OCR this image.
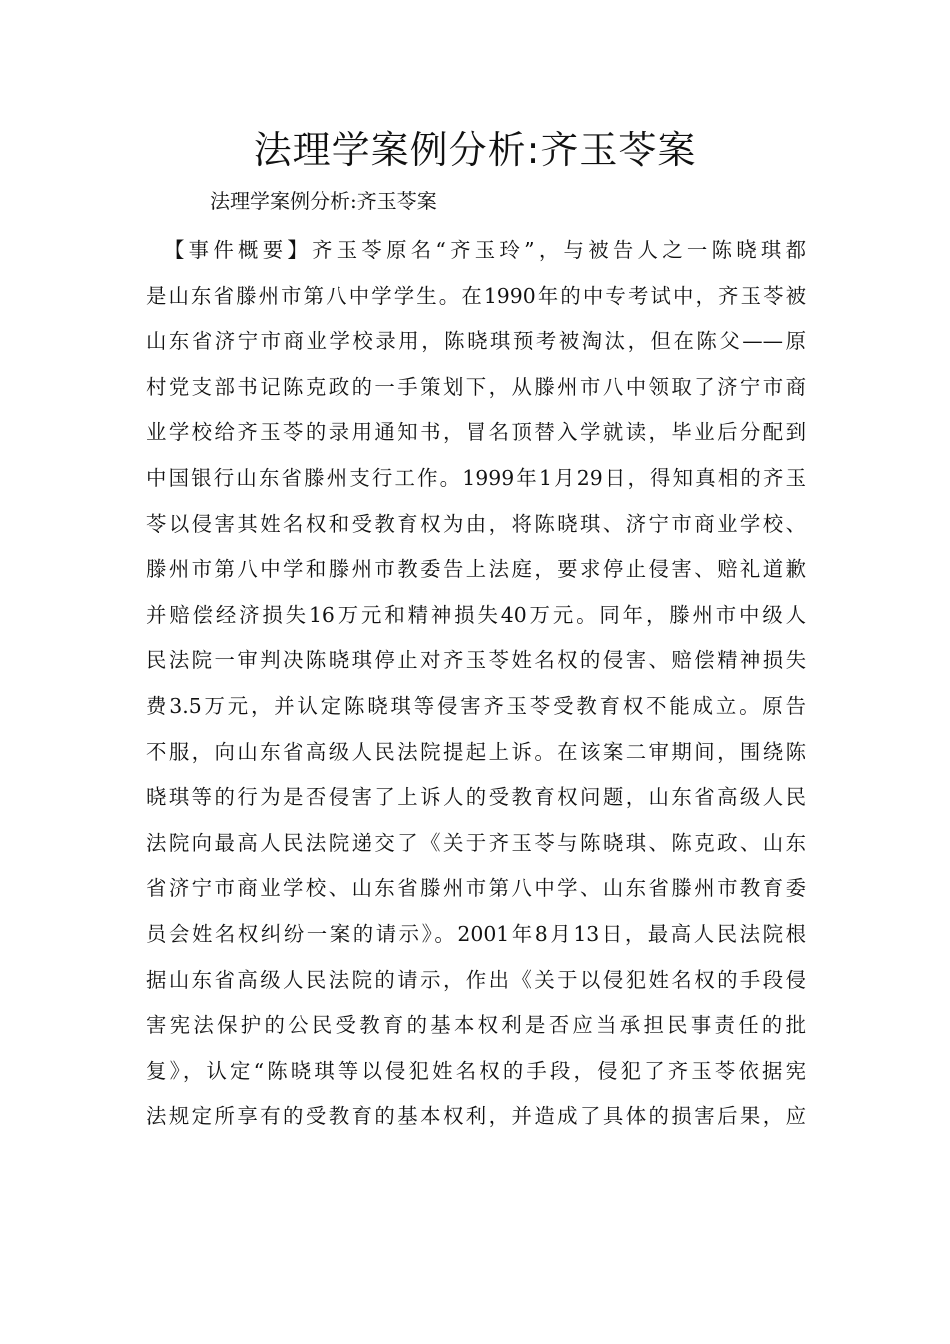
法理学案例分析:齐玉苓案

法理学案例分析:齐玉苓案

【事件概要】齐玉苓原名“齐玉玲”，与被告人之一陈晓琪都
是山东省滕州市第八中学学生。在1990年的中专考试中，齐玉苓被
山东省济宁市商业学校录用，陈晓琪预考被淘汰，但在陈父——原
村党支部书记陈克政的一手策划下，从滕州市八中领取了济宁市商
业学校给齐玉苓的录用通知书，冒名顶替入学就读，毕业后分配到
中国银行山东省滕州支行工作。1999年1月29日，得知真相的齐玉
苓以侵害其姓名权和受教育权为由，将陈晓琪、济宁市商业学校、
滕州市第八中学和滕州市教委告上法庭，要求停止侵害、赔礼道歉
并赔偿经济损失16万元和精神损失40万元。同年，滕州市中级人
民法院一审判决陈晓琪停止对齐玉苓姓名权的侵害、赔偿精神损失
费3.5万元，并认定陈晓琪等侵害齐玉苓受教育权不能成立。原告
不服，向山东省高级人民法院提起上诉。在该案二审期间，围绕陈
晓琪等的行为是否侵害了上诉人的受教育权问题，山东省高级人民
法院向最高人民法院递交了《关于齐玉苓与陈晓琪、陈克政、山东
省济宁市商业学校、山东省滕州市第八中学、山东省滕州市教育委
员会姓名权纠纷一案的请示》。2001年8月13日，最高人民法院根
据山东省高级人民法院的请示，作出《关于以侵犯姓名权的手段侵
害宪法保护的公民受教育的基本权利是否应当承担民事责任的批
复》，认定“陈晓琪等以侵犯姓名权的手段，侵犯了齐玉苓依据宪
法规定所享有的受教育的基本权利，并造成了具体的损害后果，应
